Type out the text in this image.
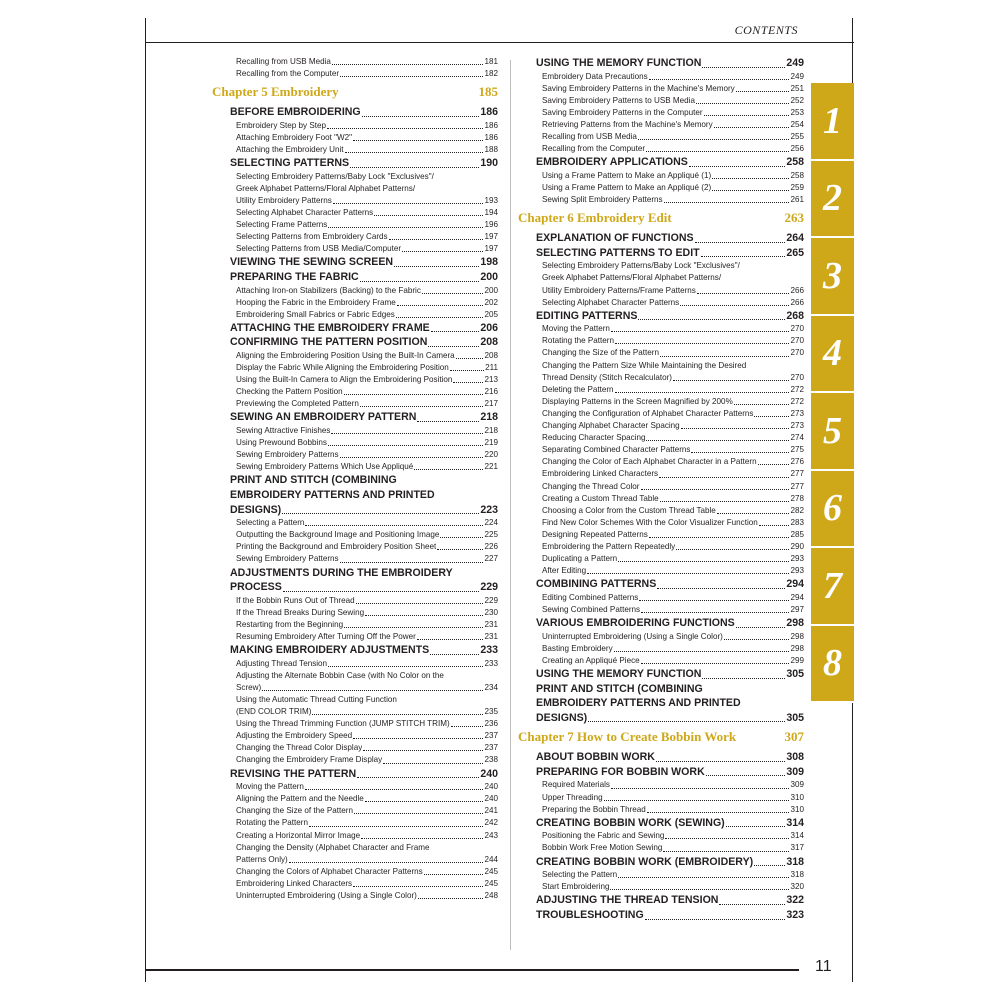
CONTENTS
Recalling from USB Media	181
Recalling from the Computer	182
Chapter 5 Embroidery	185
BEFORE EMBROIDERING	186
Embroidery Step by Step	186
Attaching Embroidery Foot "W2"	186
Attaching the Embroidery Unit	188
SELECTING PATTERNS	190
Selecting Embroidery Patterns/Baby Lock "Exclusives"/
Greek Alphabet Patterns/Floral Alphabet Patterns/
Utility Embroidery Patterns	193
Selecting Alphabet Character Patterns	194
Selecting Frame Patterns	196
Selecting Patterns from Embroidery Cards	197
Selecting Patterns from USB Media/Computer	197
VIEWING THE SEWING SCREEN	198
PREPARING THE FABRIC	200
Attaching Iron-on Stabilizers (Backing) to the Fabric	200
Hooping the Fabric in the Embroidery Frame	202
Embroidering Small Fabrics or Fabric Edges	205
ATTACHING THE EMBROIDERY FRAME	206
CONFIRMING THE PATTERN POSITION	208
Aligning the Embroidering Position Using the Built-In Camera	208
Display the Fabric While Aligning the Embroidering Position	211
Using the Built-In Camera to Align the Embroidering Position	213
Checking the Pattern Position	216
Previewing the Completed Pattern	217
SEWING AN EMBROIDERY PATTERN	218
Sewing Attractive Finishes	218
Using Prewound Bobbins	219
Sewing Embroidery Patterns	220
Sewing Embroidery Patterns Which Use Appliqué	221
PRINT AND STITCH (COMBINING
EMBROIDERY PATTERNS AND PRINTED
DESIGNS)	223
Selecting a Pattern	224
Outputting the Background Image and Positioning Image	225
Printing the Background and Embroidery Position Sheet	226
Sewing Embroidery Patterns	227
ADJUSTMENTS DURING THE EMBROIDERY
PROCESS	229
If the Bobbin Runs Out of Thread	229
If the Thread Breaks During Sewing	230
Restarting from the Beginning	231
Resuming Embroidery After Turning Off the Power	231
MAKING EMBROIDERY ADJUSTMENTS	233
Adjusting Thread Tension	233
Adjusting the Alternate Bobbin Case (with No Color on the
Screw)	234
Using the Automatic Thread Cutting Function
(END COLOR TRIM)	235
Using the Thread Trimming Function (JUMP STITCH TRIM)	236
Adjusting the Embroidery Speed	237
Changing the Thread Color Display	237
Changing the Embroidery Frame Display	238
REVISING THE PATTERN	240
Moving the Pattern	240
Aligning the Pattern and the Needle	240
Changing the Size of the Pattern	241
Rotating the Pattern	242
Creating a Horizontal Mirror Image	243
Changing the Density (Alphabet Character and Frame
Patterns Only)	244
Changing the Colors of Alphabet Character Patterns	245
Embroidering Linked Characters	245
Uninterrupted Embroidering (Using a Single Color)	248
USING THE MEMORY FUNCTION	249
Embroidery Data Precautions	249
Saving Embroidery Patterns in the Machine's Memory	251
Saving Embroidery Patterns to USB Media	252
Saving Embroidery Patterns in the Computer	253
Retrieving Patterns from the Machine's Memory	254
Recalling from USB Media	255
Recalling from the Computer	256
EMBROIDERY APPLICATIONS	258
Using a Frame Pattern to Make an Appliqué (1)	258
Using a Frame Pattern to Make an Appliqué (2)	259
Sewing Split Embroidery Patterns	261
Chapter 6 Embroidery Edit	263
EXPLANATION OF FUNCTIONS	264
SELECTING PATTERNS TO EDIT	265
Selecting Embroidery Patterns/Baby Lock "Exclusives"/
Greek Alphabet Patterns/Floral Alphabet Patterns/
Utility Embroidery Patterns/Frame Patterns	266
Selecting Alphabet Character Patterns	266
EDITING PATTERNS	268
Moving the Pattern	270
Rotating the Pattern	270
Changing the Size of the Pattern	270
Changing the Pattern Size While Maintaining the Desired
Thread Density (Stitch Recalculator)	270
Deleting the Pattern	272
Displaying Patterns in the Screen Magnified by 200%	272
Changing the Configuration of Alphabet Character Patterns	273
Changing Alphabet Character Spacing	273
Reducing Character Spacing	274
Separating Combined Character Patterns	275
Changing the Color of Each Alphabet Character in a Pattern	276
Embroidering Linked Characters	277
Changing the Thread Color	277
Creating a Custom Thread Table	278
Choosing a Color from the Custom Thread Table	282
Find New Color Schemes With the Color Visualizer Function	283
Designing Repeated Patterns	285
Embroidering the Pattern Repeatedly	290
Duplicating a Pattern	293
After Editing	293
COMBINING PATTERNS	294
Editing Combined Patterns	294
Sewing Combined Patterns	297
VARIOUS EMBROIDERING FUNCTIONS	298
Uninterrupted Embroidering (Using a Single Color)	298
Basting Embroidery	298
Creating an Appliqué Piece	299
USING THE MEMORY FUNCTION	305
PRINT AND STITCH (COMBINING
EMBROIDERY PATTERNS AND PRINTED
DESIGNS)	305
Chapter 7 How to Create Bobbin Work	307
ABOUT BOBBIN WORK	308
PREPARING FOR BOBBIN WORK	309
Required Materials	309
Upper Threading	310
Preparing the Bobbin Thread	310
CREATING BOBBIN WORK (SEWING)	314
Positioning the Fabric and Sewing	314
Bobbin Work Free Motion Sewing	317
CREATING BOBBIN WORK (EMBROIDERY)	318
Selecting the Pattern	318
Start Embroidering	320
ADJUSTING THE THREAD TENSION	322
TROUBLESHOOTING	323
1
2
3
4
5
6
7
8
11
